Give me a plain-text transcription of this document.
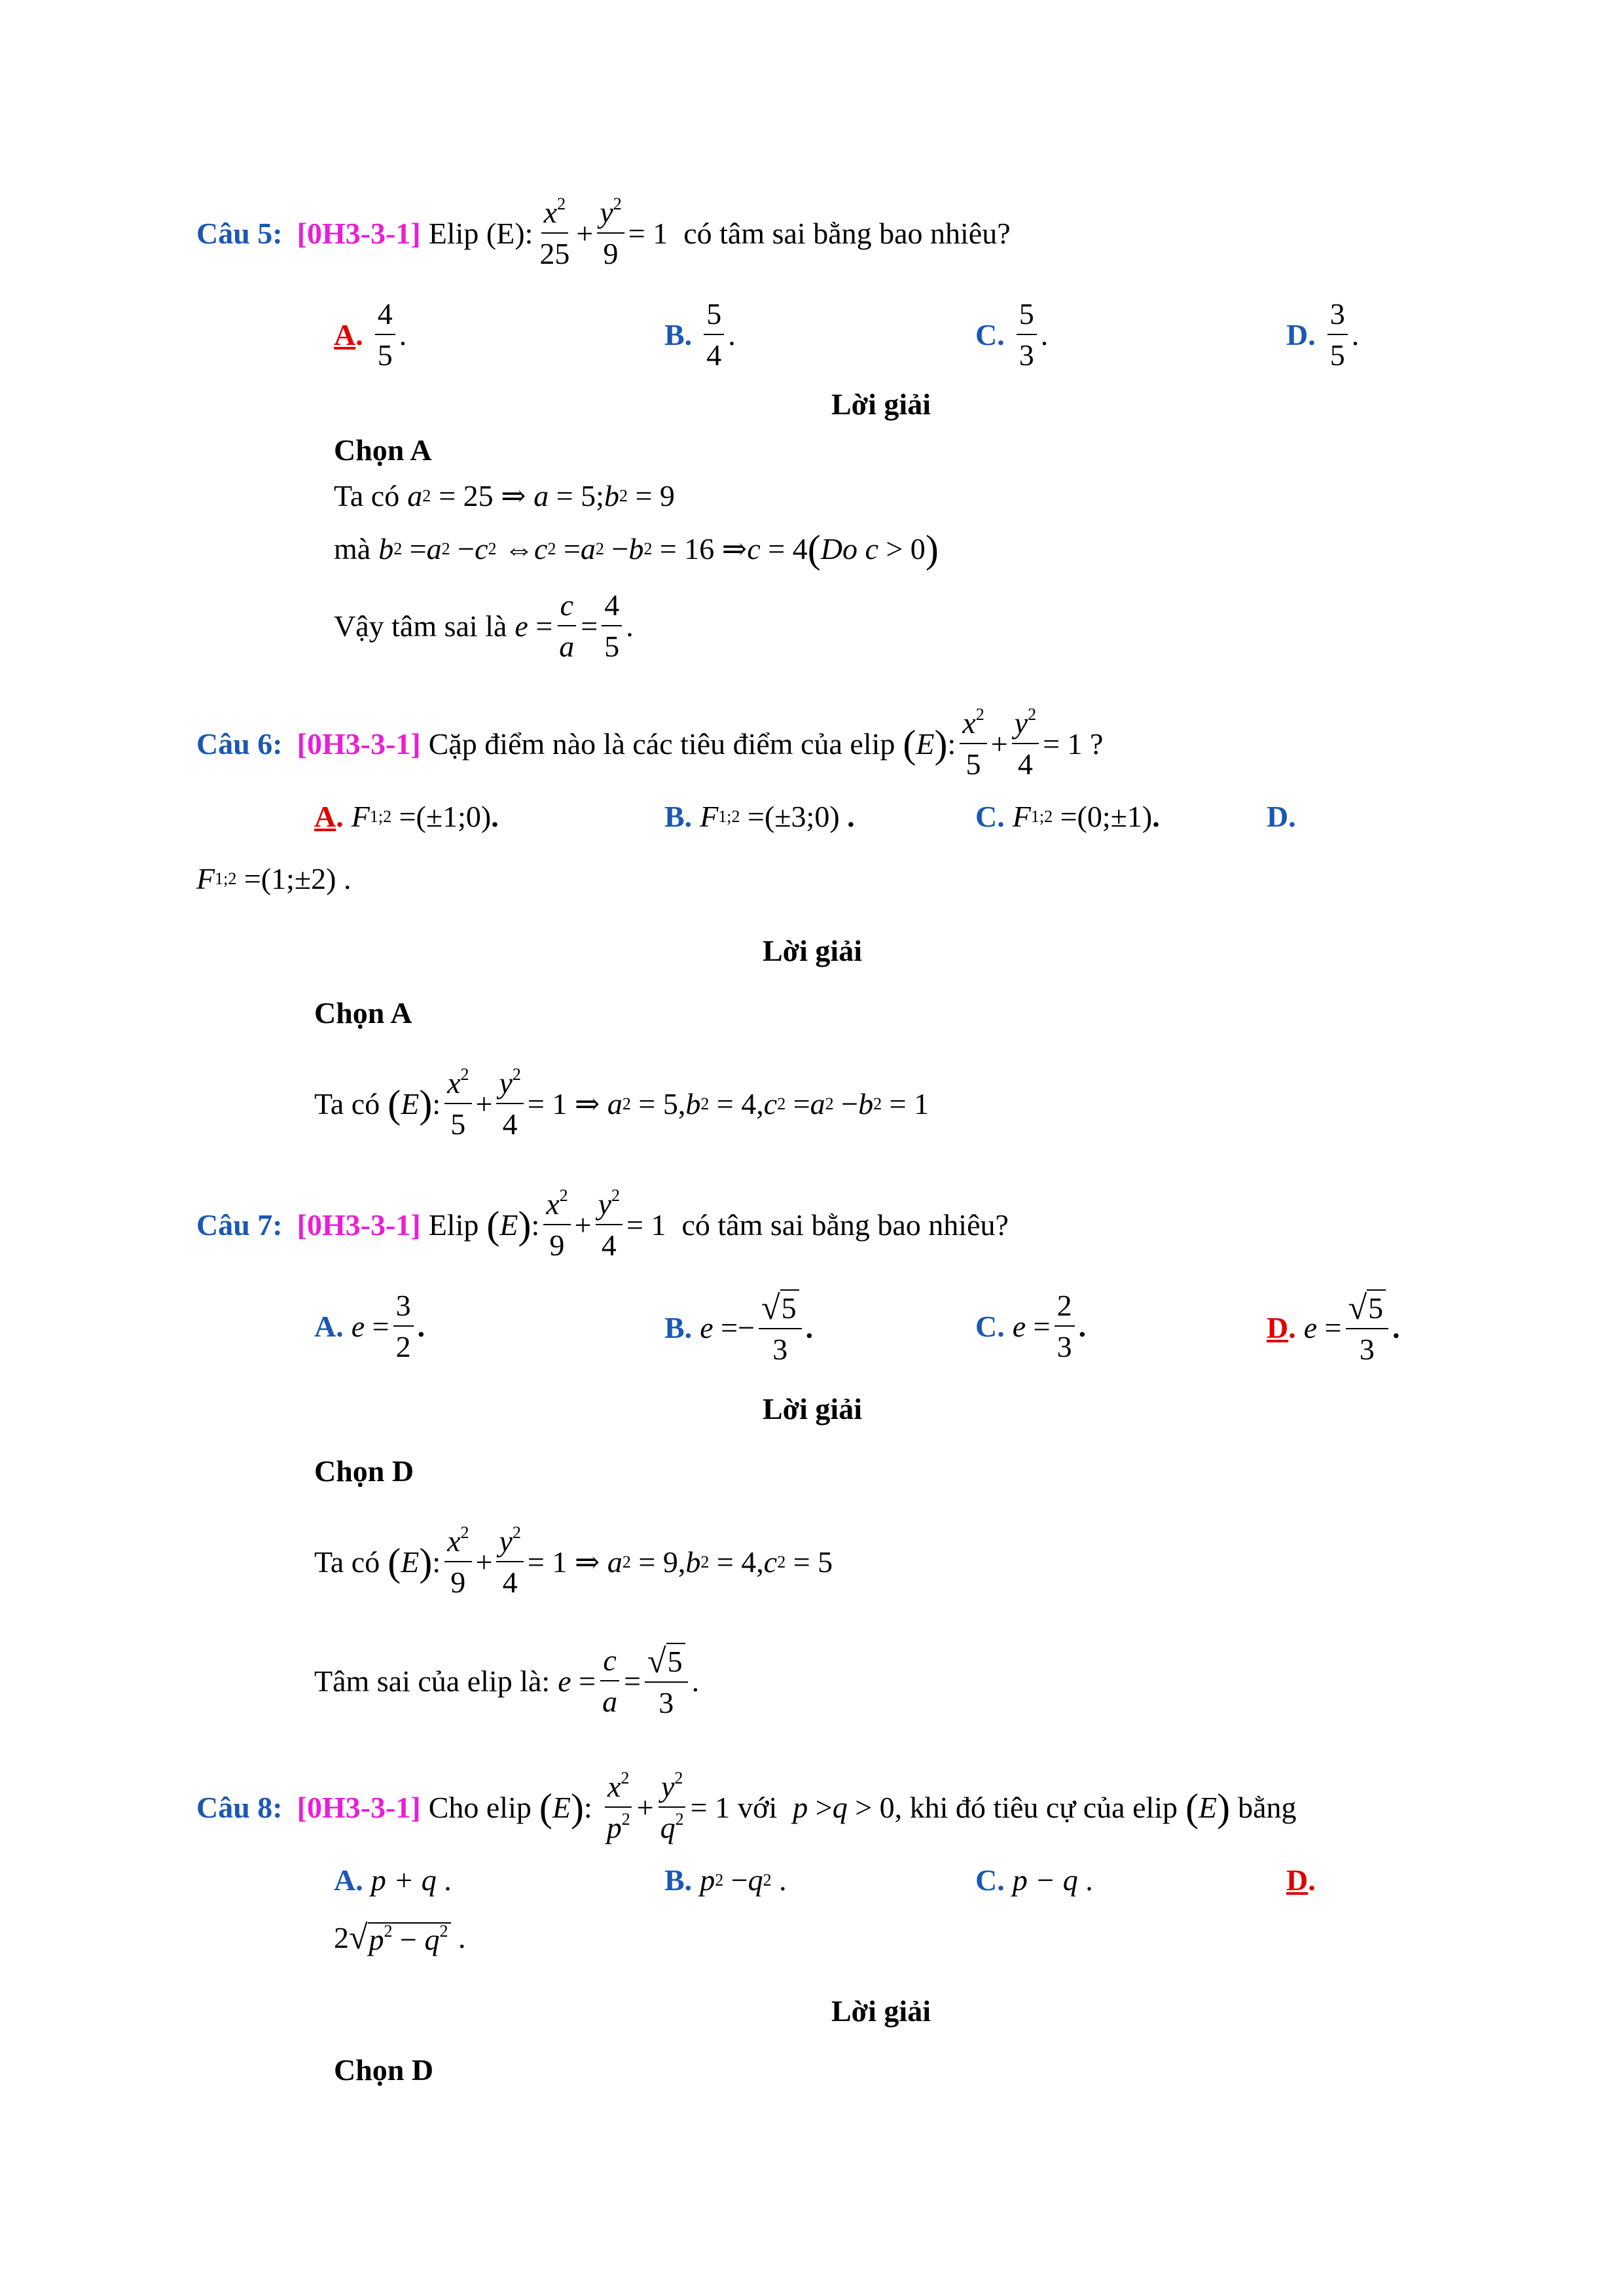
Câu 5: [0H3-3-1] Elip (E): $\frac{x^2}{25} + \frac{y^2}{9} = 1$ có tâm sai bằng bao nhiêu?
A. $\frac{4}{5}$ .	B. $\frac{5}{4}$ .	C. $\frac{5}{3}$ .	D. $\frac{3}{5}$ .
Lời giải
Chọn A
Ta có a 2 = 25 ⇒ a = 5; b 2 = 9
mà b 2 = a 2 − c 2 ⇔ c 2 = a 2 − b 2 = 16 ⇒ c = 4 ( Do c > 0 )
Vậy tâm sai là $e = \frac{c}{a} = \frac{4}{5}$ .
Câu 6: [0H3-3-1] Cặp điểm nào là các tiêu điểm của elip ( E ) : $\frac{x^2}{5} + \frac{y^2}{4} = 1$ ?
A. F 1;2 = (±1;0) .	B. F 1;2 = (±3;0) .	C. F 1;2 = (0;±1) .	D.
F 1;2 = (1;±2) .
Lời giải
Chọn A
Ta có ( E ) : $\frac{x^2}{5} + \frac{y^2}{4} = 1$ ⇒ a 2 = 5, b 2 = 4, c 2 = a 2 − b 2 = 1
Câu 7: [0H3-3-1] Elip ( E ) : $\frac{x^2}{9} + \frac{y^2}{4} = 1$ có tâm sai bằng bao nhiêu?
A. $e = \frac{3}{2}$ .	B. e = − $\frac{√ 5}{3}$ .	C. $e = \frac{2}{3}$ .	D. $e = \frac{√ 5}{3}$ .
Lời giải
Chọn D
Ta có ( E ) : $\frac{x^2}{9} + \frac{y^2}{4} = 1$ ⇒ a 2 = 9, b 2 = 4, c 2 = 5
Tâm sai của elip là: $e = \frac{c}{a} = \frac{√ 5}{3}$ .
Câu 8: [0H3-3-1] Cho elip ( E ) : $\frac{x^2}{p^2} + \frac{y^2}{q^2} = 1$ với p > q > 0 , khi đó tiêu cự của elip ( E ) bằng
A. p + q .	B. p 2 − q 2 .	C. p − q .	D.
2 √ $p^2 - q^2$ .
Lời giải
Chọn D
